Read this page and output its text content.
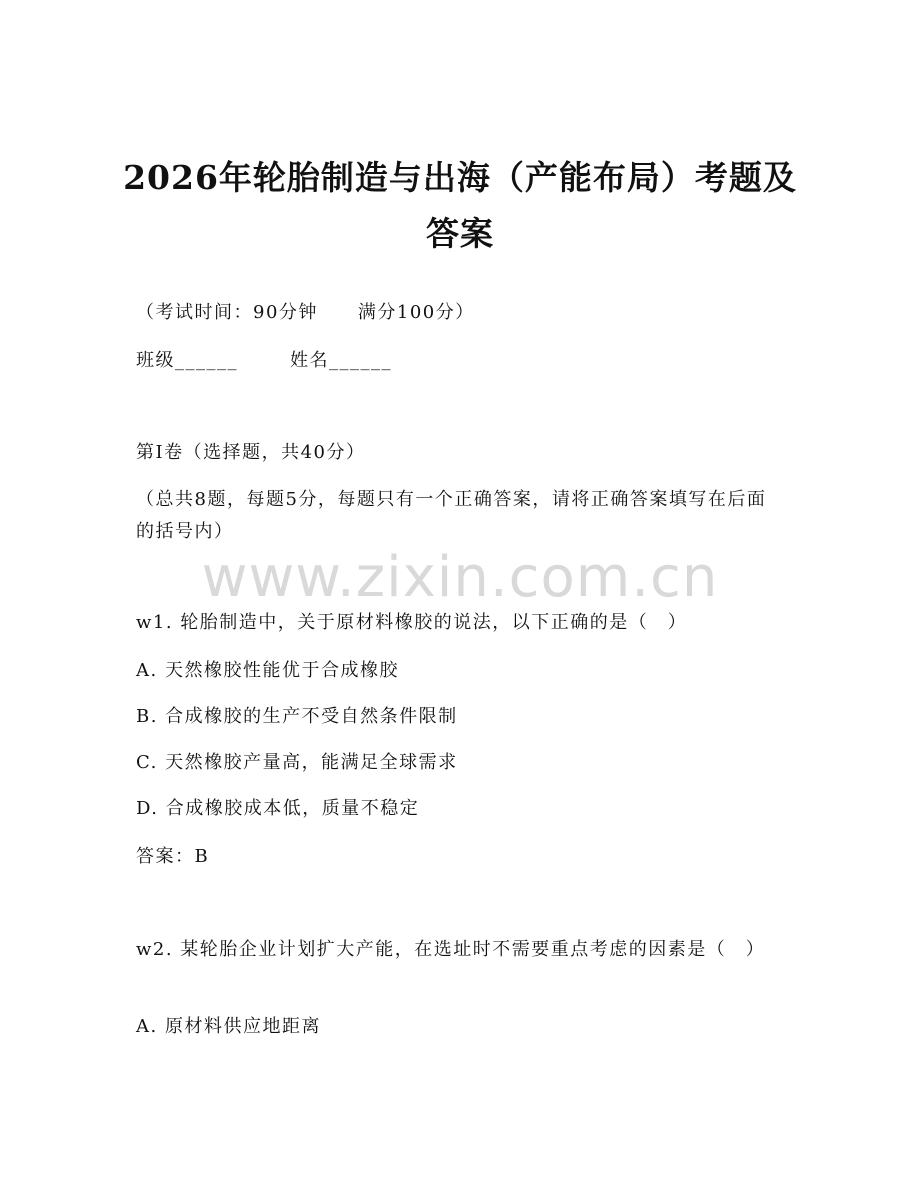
2026年轮胎制造与出海（产能布局）考题及
答案
（考试时间：90分钟 满分100分）
班级______	姓名______
第I卷（选择题，共40分）
（总共8题，每题5分，每题只有一个正确答案，请将正确答案填写在后面的括号内）
www.zixin.com.cn
w1. 轮胎制造中，关于原材料橡胶的说法，以下正确的是（　）
A. 天然橡胶性能优于合成橡胶
B. 合成橡胶的生产不受自然条件限制
C. 天然橡胶产量高，能满足全球需求
D. 合成橡胶成本低，质量不稳定
答案：B
w2. 某轮胎企业计划扩大产能，在选址时不需要重点考虑的因素是（　）
A. 原材料供应地距离
